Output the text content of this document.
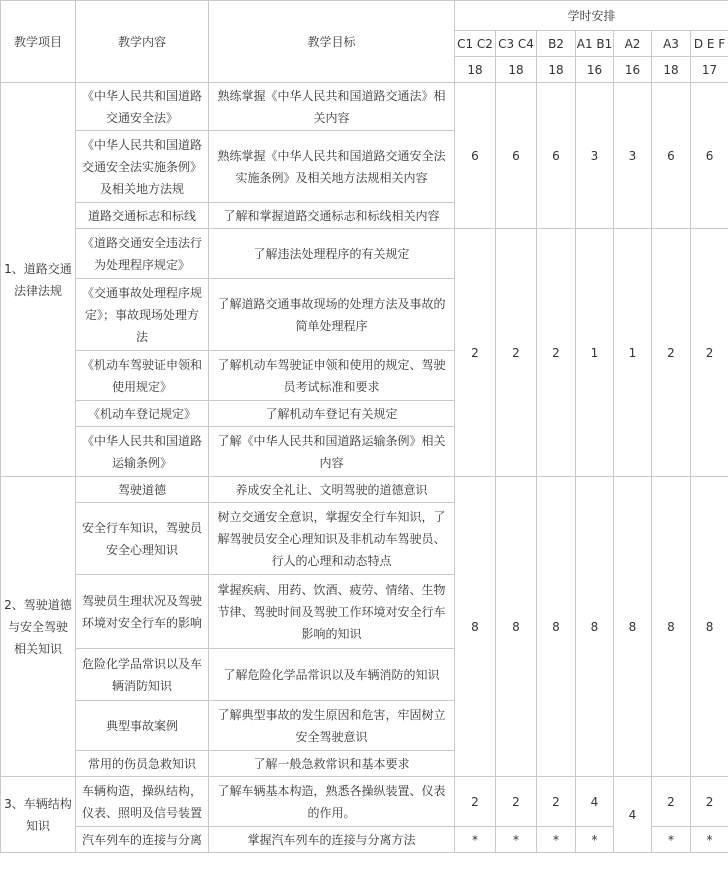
教学项目	教学内容	教学目标	学时安排						
			C1 C2	C3 C4	B2	A1 B1	A2	A3	D E F
			18	18	18	16	16	18	17
1、道路交通法律法规	《中华人民共和国道路交通安全法》	熟练掌握《中华人民共和国道路交通法》相关内容	6	6	6	3	3	6	6
	《中华人民共和国道路交通安全法实施条例》及相关地方法规	熟练掌握《中华人民共和国道路交通安全法实施条例》及相关地方法规相关内容							
	道路交通标志和标线	了解和掌握道路交通标志和标线相关内容							
	《道路交通安全违法行为处理程序规定》	了解违法处理程序的有关规定	2	2	2	1	1	2	2
	《交通事故处理程序规定》；事故现场处理方法	了解道路交通事故现场的处理方法及事故的简单处理程序							
	《机动车驾驶证申领和使用规定》	了解机动车驾驶证申领和使用的规定、驾驶员考试标准和要求							
	《机动车登记规定》	了解机动车登记有关规定							
	《中华人民共和国道路运输条例》	了解《中华人民共和国道路运输条例》相关内容							
2、驾驶道德与安全驾驶相关知识	驾驶道德	养成安全礼让、文明驾驶的道德意识	8	8	8	8	8	8	8
	安全行车知识，驾驶员安全心理知识	树立交通安全意识，掌握安全行车知识，了解驾驶员安全心理知识及非机动车驾驶员、行人的心理和动态特点							
	驾驶员生理状况及驾驶环境对安全行车的影响	掌握疾病、用药、饮酒、疲劳、情绪、生物节律、驾驶时间及驾驶工作环境对安全行车影响的知识							
	危险化学品常识以及车辆消防知识	了解危险化学品常识以及车辆消防的知识							
	典型事故案例	了解典型事故的发生原因和危害，牢固树立安全驾驶意识							
	常用的伤员急救知识	了解一般急救常识和基本要求							
3、车辆结构知识	车辆构造，操纵结构，仪表、照明及信号装置	了解车辆基本构造，熟悉各操纵装置、仪表的作用。	2	2	2	4	4	2	2
	汽车列车的连接与分离	掌握汽车列车的连接与分离方法	*	*	*	*		*	*
